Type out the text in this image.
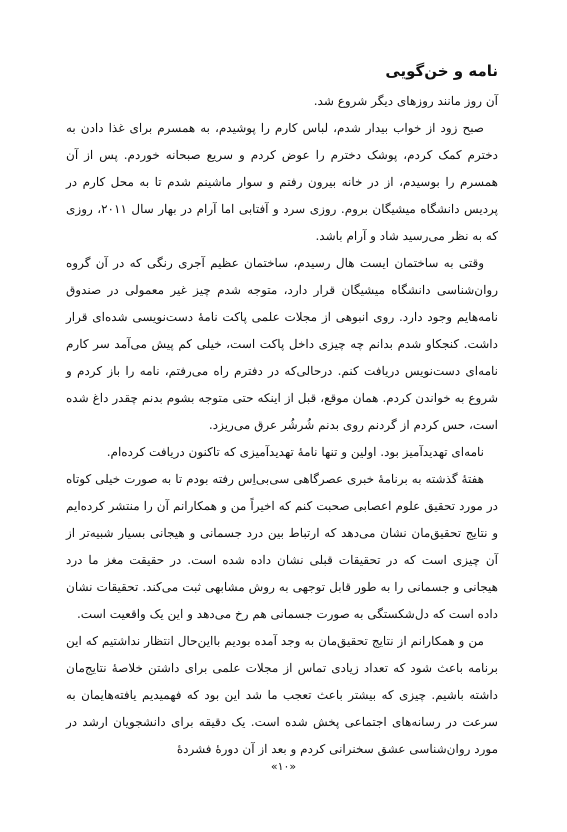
نامه و خن‌گویی

آن روز مانند روزهای دیگر شروع شد.

صبح زود از خواب بیدار شدم، لباس کارم را پوشیدم، به همسرم برای غذا دادن به دخترم کمک کردم، پوشک دخترم را عوض کردم و سریع صبحانه خوردم. پس از آن همسرم را بوسیدم، از در خانه بیرون رفتم و سوار ماشینم شدم تا به محل کارم در پردیس دانشگاه میشیگان بروم. روزی سرد و آفتابی اما آرام در بهار سال ۲۰۱۱، روزی که به نظر می‌رسید شاد و آرام باشد.

وقتی به ساختمان ایست هال رسیدم، ساختمان عظیم آجری رنگی که در آن گروه روان‌شناسی دانشگاه میشیگان قرار دارد، متوجه شدم چیز غیر معمولی در صندوق نامه‌هایم وجود دارد. روی انبوهی از مجلات علمی پاکت نامهٔ دست‌نویسی شده‌ای قرار داشت. کنجکاو شدم بدانم چه چیزی داخل پاکت است، خیلی کم پیش می‌آمد سر کارم نامه‌ای دست‌نویس دریافت کنم. درحالی‌که در دفترم راه می‌رفتم، نامه را باز کردم و شروع به خواندن کردم. همان موقع، قبل از اینکه حتی متوجه بشوم بدنم چقدر داغ شده است، حس کردم از گردنم روی بدنم شُرشُر عرق می‌ریزد.

نامه‌ای تهدیدآمیز بود. اولین و تنها نامهٔ تهدیدآمیزی که تاکنون دریافت کرده‌ام.

هفتهٔ گذشته به برنامهٔ خبری عصرگاهی سی‌بی‌اِس رفته بودم تا به صورت خیلی کوتاه در مورد تحقیق علوم اعصابی صحبت کنم که اخیراً من و همکارانم آن را منتشر کرده‌ایم و نتایج تحقیق‌مان نشان می‌دهد که ارتباط بین درد جسمانی و هیجانی بسیار شبیه‌تر از آن چیزی است که در تحقیقات قبلی نشان داده شده است. در حقیقت مغز ما درد هیجانی و جسمانی را به طور قابل توجهی به روش مشابهی ثبت می‌کند. تحقیقات نشان داده است که دل‌شکستگی به صورت جسمانی هم رخ می‌دهد و این یک واقعیت است.

من و همکارانم از نتایج تحقیق‌مان به وجد آمده بودیم بااین‌حال انتظار نداشتیم که این برنامه باعث شود که تعداد زیادی تماس از مجلات علمی برای داشتن خلاصهٔ نتایج‌مان داشته باشیم. چیزی که بیشتر باعث تعجب ما شد این بود که فهمیدیم یافته‌هایمان به سرعت در رسانه‌های اجتماعی پخش شده است. یک دقیقه برای دانشجویان ارشد در مورد روان‌شناسی عشق سخنرانی کردم و بعد از آن دورهٔ فشردهٔ

«۱۰»
